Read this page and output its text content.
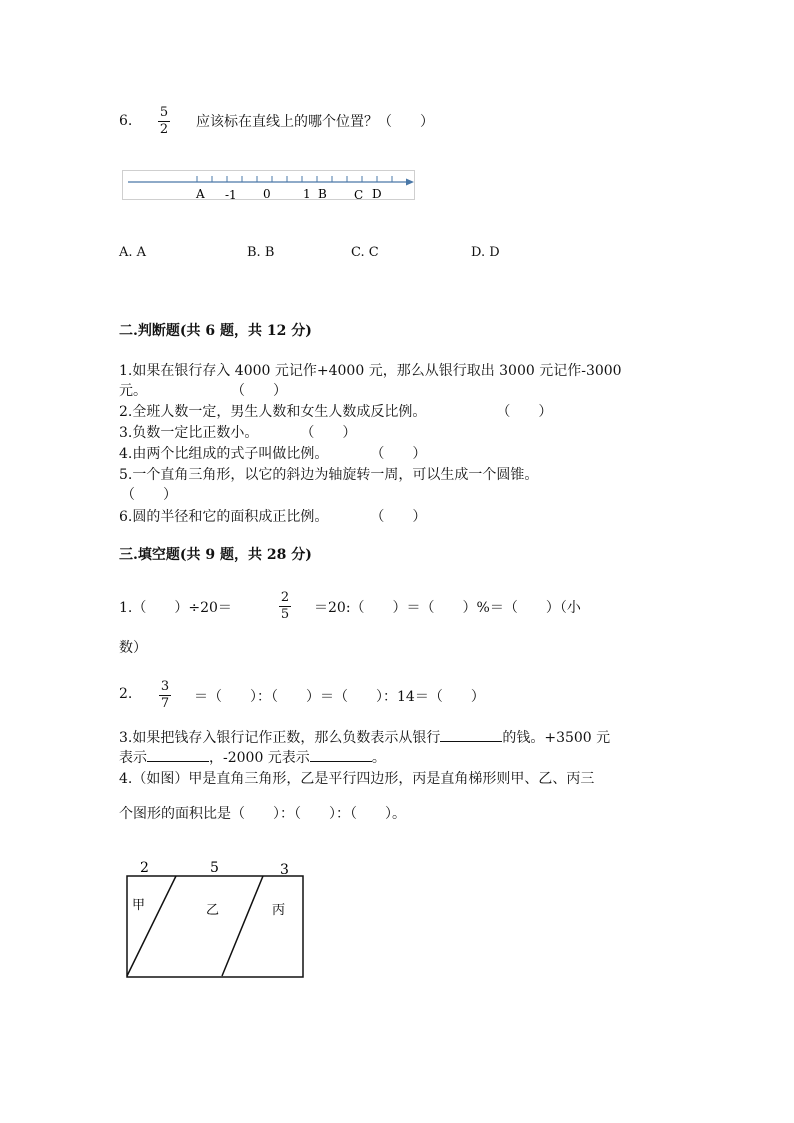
6.
5
2 应该标在直线上的哪个位置？（　　）
A -1 0	1 B C D
A. A	B. B	C. C	D. D
二.判断题(共 6 题，共 12 分)
1.如果在银行存入 4000 元记作+4000 元，那么从银行取出 3000 元记作-3000
元。　　　　　　　（　　）
2.全班人数一定，男生人数和女生人数成反比例。　　　　　　（　　）
3.负数一定比正数小。　　　　（　　）
4.由两个比组成的式子叫做比例。　　　　（　　）
5.一个直角三角形，以它的斜边为轴旋转一周，可以生成一个圆锥。
（　　）
6.圆的半径和它的面积成正比例。　　　　（　　）
三.填空题(共 9 题，共 28 分)
1.（　　）÷20＝
2
5 ＝20:（　　）＝（　　）%＝（　　）（小
数）
2. 3
7 ＝（　　）：（　　）＝（　　）：14＝（　　）
3.如果把钱存入银行记作正数，那么负数表示从银行	的钱。+3500 元
表示	，-2000 元表示	。
4.（如图）甲是直角三角形，乙是平行四边形，丙是直角梯形则甲、乙、丙三
个图形的面积比是（　　）：（　　）：（　　）。
2	5	3
甲	乙	丙
